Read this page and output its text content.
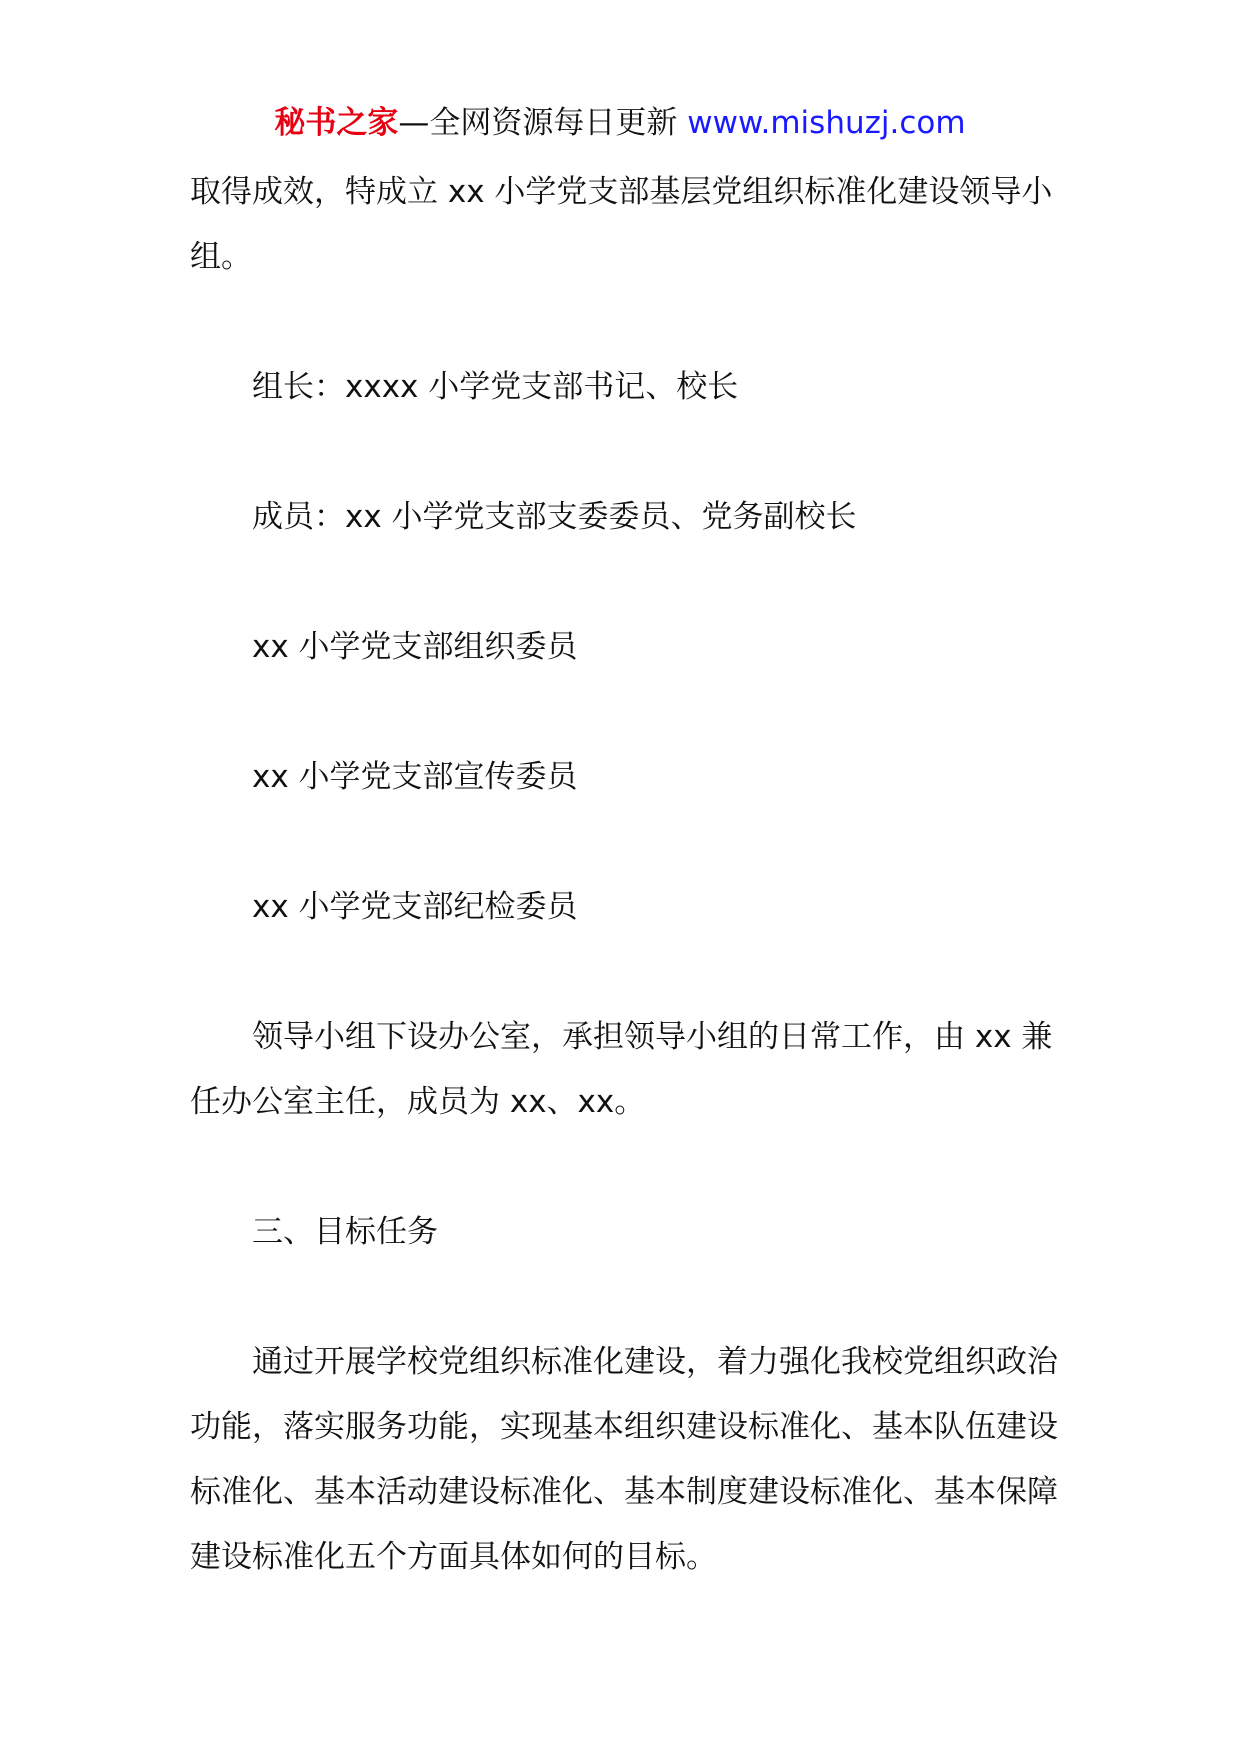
秘书之家—全网资源每日更新 www.mishuzj.com

取得成效，特成立 xx 小学党支部基层党组织标准化建设领导小组。

组长：xxxx 小学党支部书记、校长

成员：xx 小学党支部支委委员、党务副校长

xx 小学党支部组织委员

xx 小学党支部宣传委员

xx 小学党支部纪检委员

领导小组下设办公室，承担领导小组的日常工作，由 xx 兼任办公室主任，成员为 xx、xx。

三、目标任务

通过开展学校党组织标准化建设，着力强化我校党组织政治功能，落实服务功能，实现基本组织建设标准化、基本队伍建设标准化、基本活动建设标准化、基本制度建设标准化、基本保障建设标准化五个方面具体如何的目标。
